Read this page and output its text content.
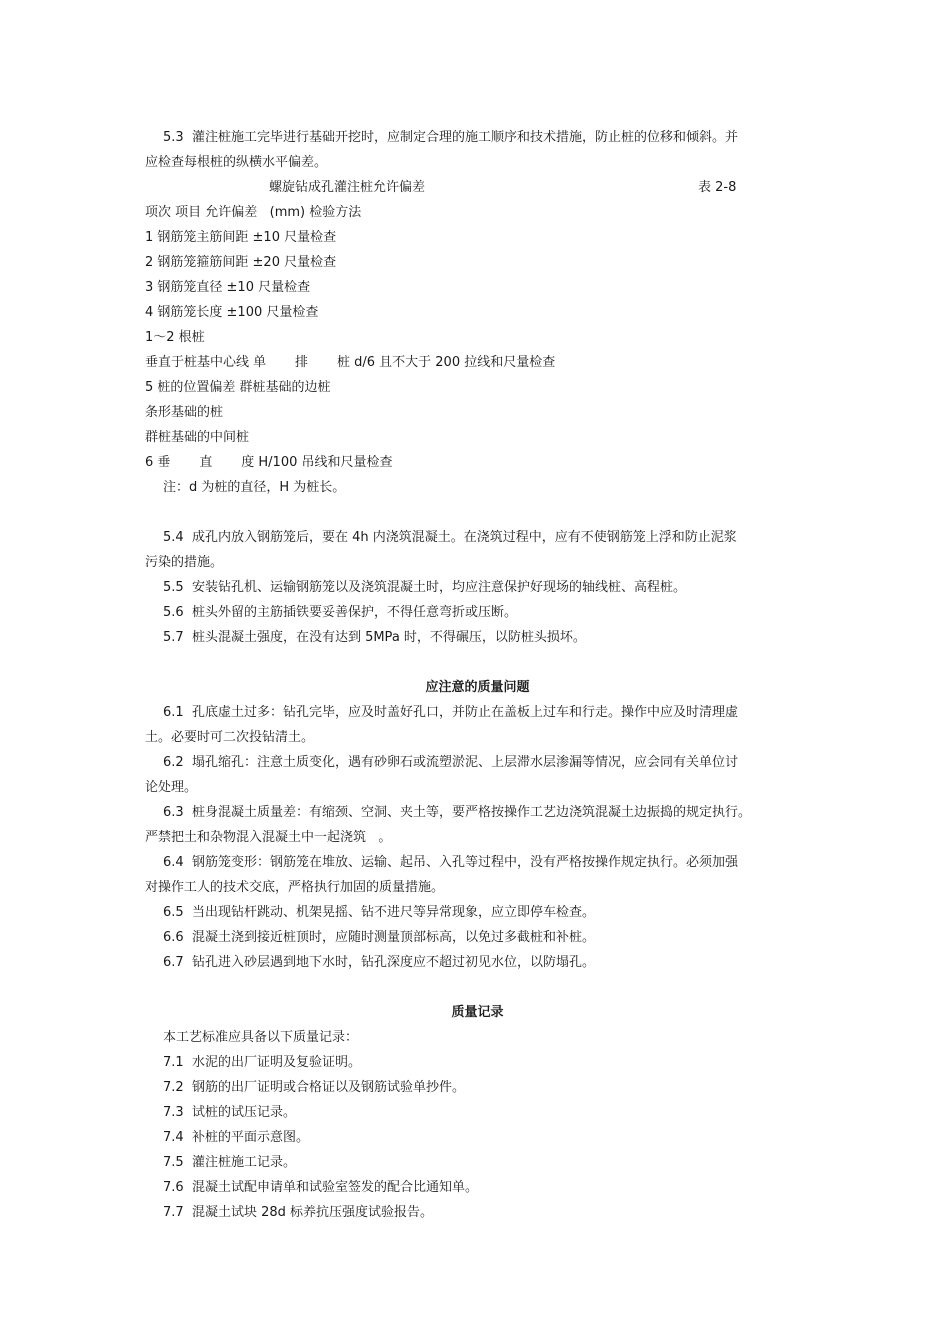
5.3  灌注桩施工完毕进行基础开挖时，应制定合理的施工顺序和技术措施，防止桩的位移和倾斜。并
应检查每根桩的纵横水平偏差。

螺旋钻成孔灌注桩允许偏差

	表 2-8

项次 项目 允许偏差   (mm) 检验方法
1 钢筋笼主筋间距 ±10 尺量检查
2 钢筋笼箍筋间距 ±20 尺量检查
3 钢筋笼直径 ±10 尺量检查
4 钢筋笼长度 ±100 尺量检查
1～2 根桩
垂直于桩基中心线 单       排       桩 d/6 且不大于 200 拉线和尺量检查
5 桩的位置偏差 群桩基础的边桩
条形基础的桩
群桩基础的中间桩
6 垂       直       度 H/100 吊线和尺量检查
注：d 为桩的直径，H 为桩长。
5.4  成孔内放入钢筋笼后，要在 4h 内浇筑混凝土。在浇筑过程中，应有不使钢筋笼上浮和防止泥浆
污染的措施。
5.5  安装钻孔机、运输钢筋笼以及浇筑混凝土时，均应注意保护好现场的轴线桩、高程桩。
5.6  桩头外留的主筋插铁要妥善保护，不得任意弯折或压断。
5.7  桩头混凝土强度，在没有达到 5MPa 时，不得碾压，以防桩头损坏。
应注意的质量问题
6.1  孔底虚土过多：钻孔完毕，应及时盖好孔口，并防止在盖板上过车和行走。操作中应及时清理虚
土。必要时可二次投钻清土。
6.2  塌孔缩孔：注意土质变化，遇有砂卵石或流塑淤泥、上层滞水层渗漏等情况，应会同有关单位讨
论处理。
6.3  桩身混凝土质量差：有缩颈、空洞、夹土等，要严格按操作工艺边浇筑混凝土边振捣的规定执行。
严禁把土和杂物混入混凝土中一起浇筑   。
6.4  钢筋笼变形：钢筋笼在堆放、运输、起吊、入孔等过程中，没有严格按操作规定执行。必须加强
对操作工人的技术交底，严格执行加固的质量措施。
6.5  当出现钻杆跳动、机架晃摇、钻不进尺等异常现象，应立即停车检查。
6.6  混凝土浇到接近桩顶时，应随时测量顶部标高，以免过多截桩和补桩。
6.7  钻孔进入砂层遇到地下水时，钻孔深度应不超过初见水位，以防塌孔。
质量记录
本工艺标准应具备以下质量记录：
7.1  水泥的出厂证明及复验证明。
7.2  钢筋的出厂证明或合格证以及钢筋试验单抄件。
7.3  试桩的试压记录。
7.4  补桩的平面示意图。
7.5  灌注桩施工记录。
7.6  混凝土试配申请单和试验室签发的配合比通知单。
7.7  混凝土试块 28d 标养抗压强度试验报告。
